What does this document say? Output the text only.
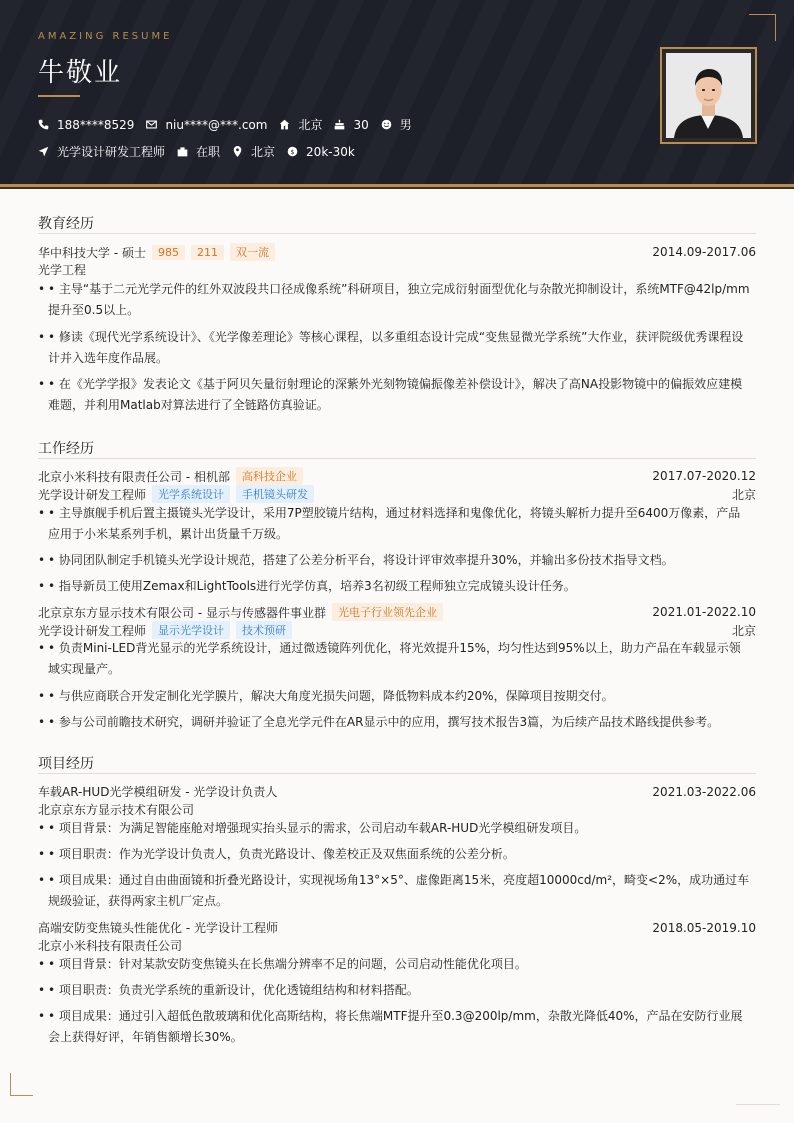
AMAZING RESUME
牛敬业
188****8529	niu****@***.com	北京	30	男
光学设计研发工程师	在职	北京 $ 20k-30k
教育经历
华中科技大学 - 硕士	985	211	双一流	2014.09-2017.06
光学工程
• • 主导“基于二元光学元件的红外双波段共口径成像系统”科研项目，独立完成衍射面型优化与杂散光抑制设计，系统MTF@42lp/mm提升至0.5以上。
• • 修读《现代光学系统设计》、《光学像差理论》等核心课程，以多重组态设计完成“变焦显微光学系统”大作业，获评院级优秀课程设计并入选年度作品展。
• • 在《光学学报》发表论文《基于阿贝矢量衍射理论的深紫外光刻物镜偏振像差补偿设计》，解决了高NA投影物镜中的偏振效应建模难题，并利用Matlab对算法进行了全链路仿真验证。
工作经历
北京小米科技有限责任公司 - 相机部	高科技企业	2017.07-2020.12
光学设计研发工程师	光学系统设计	手机镜头研发	北京
• • 主导旗舰手机后置主摄镜头光学设计，采用7P塑胶镜片结构，通过材料选择和鬼像优化，将镜头解析力提升至6400万像素，产品应用于小米某系列手机，累计出货量千万级。
• • 协同团队制定手机镜头光学设计规范，搭建了公差分析平台，将设计评审效率提升30%，并输出多份技术指导文档。
• • 指导新员工使用Zemax和LightTools进行光学仿真，培养3名初级工程师独立完成镜头设计任务。
北京京东方显示技术有限公司 - 显示与传感器件事业群	光电子行业领先企业	2021.01-2022.10
光学设计研发工程师	显示光学设计	技术预研	北京
• • 负责Mini-LED背光显示的光学系统设计，通过微透镜阵列优化，将光效提升15%，均匀性达到95%以上，助力产品在车载显示领域实现量产。
• • 与供应商联合开发定制化光学膜片，解决大角度光损失问题，降低物料成本约20%，保障项目按期交付。
• • 参与公司前瞻技术研究，调研并验证了全息光学元件在AR显示中的应用，撰写技术报告3篇，为后续产品技术路线提供参考。
项目经历
车载AR-HUD光学模组研发 - 光学设计负责人	2021.03-2022.06
北京京东方显示技术有限公司
• • 项目背景：为满足智能座舱对增强现实抬头显示的需求，公司启动车载AR-HUD光学模组研发项目。
• • 项目职责：作为光学设计负责人，负责光路设计、像差校正及双焦面系统的公差分析。
• • 项目成果：通过自由曲面镜和折叠光路设计，实现视场角13°×5°、虚像距离15米，亮度超10000cd/m²，畸变<2%，成功通过车规级验证，获得两家主机厂定点。
高端安防变焦镜头性能优化 - 光学设计工程师	2018.05-2019.10
北京小米科技有限责任公司
• • 项目背景：针对某款安防变焦镜头在长焦端分辨率不足的问题，公司启动性能优化项目。
• • 项目职责：负责光学系统的重新设计，优化透镜组结构和材料搭配。
• • 项目成果：通过引入超低色散玻璃和优化高斯结构，将长焦端MTF提升至0.3@200lp/mm，杂散光降低40%，产品在安防行业展会上获得好评，年销售额增长30%。
